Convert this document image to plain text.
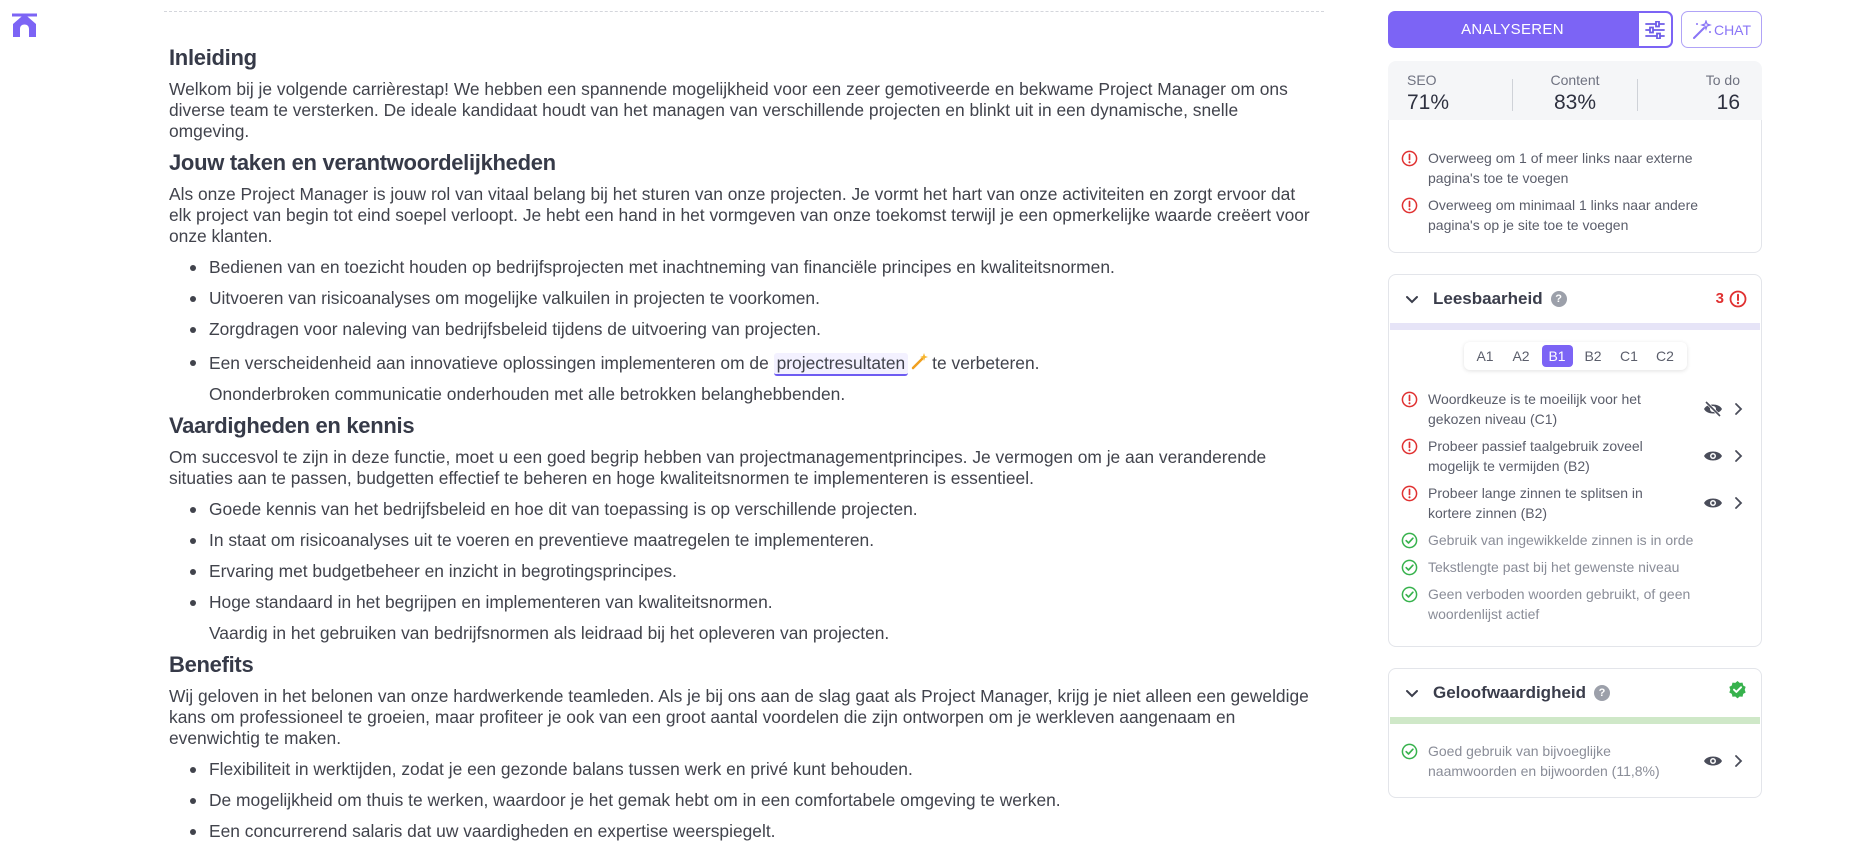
Inleiding

Welkom bij je volgende carrièrestap! We hebben een spannende mogelijkheid voor een zeer gemotiveerde en bekwame Project Manager om ons diverse team te versterken. De ideale kandidaat houdt van het managen van verschillende projecten en blinkt uit in een dynamische, snelle omgeving.

Jouw taken en verantwoordelijkheden

Als onze Project Manager is jouw rol van vitaal belang bij het sturen van onze projecten. Je vormt het hart van onze activiteiten en zorgt ervoor dat elk project van begin tot eind soepel verloopt. Je hebt een hand in het vormgeven van onze toekomst terwijl je een opmerkelijke waarde creëert voor onze klanten.

Bedienen van en toezicht houden op bedrijfsprojecten met inachtneming van financiële principes en kwaliteitsnormen.
Uitvoeren van risicoanalyses om mogelijke valkuilen in projecten te voorkomen.
Zorgdragen voor naleving van bedrijfsbeleid tijdens de uitvoering van projecten.
Een verscheidenheid aan innovatieve oplossingen implementeren om de projectresultaten te verbeteren.
Ononderbroken communicatie onderhouden met alle betrokken belanghebbenden.
Vaardigheden en kennis

Om succesvol te zijn in deze functie, moet u een goed begrip hebben van projectmanagementprincipes. Je vermogen om je aan veranderende situaties aan te passen, budgetten effectief te beheren en hoge kwaliteitsnormen te implementeren is essentieel.

Goede kennis van het bedrijfsbeleid en hoe dit van toepassing is op verschillende projecten.
In staat om risicoanalyses uit te voeren en preventieve maatregelen te implementeren.
Ervaring met budgetbeheer en inzicht in begrotingsprincipes.
Hoge standaard in het begrijpen en implementeren van kwaliteitsnormen.
Vaardig in het gebruiken van bedrijfsnormen als leidraad bij het opleveren van projecten.
Benefits

Wij geloven in het belonen van onze hardwerkende teamleden. Als je bij ons aan de slag gaat als Project Manager, krijg je niet alleen een geweldige kans om professioneel te groeien, maar profiteer je ook van een groot aantal voordelen die zijn ontworpen om je werkleven aangenaam en evenwichtig te maken.

Flexibiliteit in werktijden, zodat je een gezonde balans tussen werk en privé kunt behouden.
De mogelijkheid om thuis te werken, waardoor je het gemak hebt om in een comfortabele omgeving te werken.
Een concurrerend salaris dat uw vaardigheden en expertise weerspiegelt.
ANALYSEREN	CHAT
SEO
71%
Content
83%
To do
16
Overweeg om 1 of meer links naar externe pagina's toe te voegen
Overweeg om minimaal 1 links naar andere pagina's op je site toe te voegen
Leesbaarheid ?	3
A1	A2	B1	B2	C1	C2
Woordkeuze is te moeilijk voor het gekozen niveau (C1)
Probeer passief taalgebruik zoveel mogelijk te vermijden (B2)
Probeer lange zinnen te splitsen in kortere zinnen (B2)
Gebruik van ingewikkelde zinnen is in orde
Tekstlengte past bij het gewenste niveau
Geen verboden woorden gebruikt, of geen woordenlijst actief
Geloofwaardigheid ?
Goed gebruik van bijvoeglijke naamwoorden en bijwoorden (11,8%)
